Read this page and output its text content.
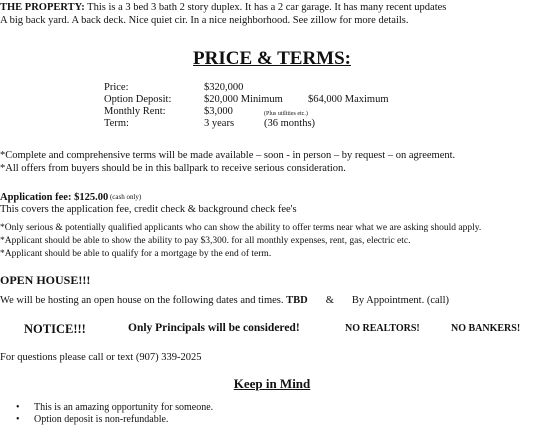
THE PROPERTY: This is a 3 bed 3 bath 2 story duplex. It has a 2 car garage. It has many recent updates
A big back yard. A back deck. Nice quiet cir. In a nice neighborhood. See zillow for more details.
PRICE & TERMS:
Price:	$320,000
Option Deposit:	$20,000 Minimum $64,000 Maximum
Monthly Rent:	$3,000	(Plus utilities etc.)
Term:	3 years	(36 months)
*Complete and comprehensive terms will be made available – soon - in person – by request – on agreement.
*All offers from buyers should be in this ballpark to receive serious consideration.
Application fee: $125.00 (cash only)
This covers the application fee, credit check & background check fee's
*Only serious & potentially qualified applicants who can show the ability to offer terms near what we are asking should apply.
*Applicant should be able to show the ability to pay $3,300. for all monthly expenses, rent, gas, electric etc.
*Applicant should be able to qualify for a mortgage by the end of term.
OPEN HOUSE!!!
We will be hosting an open house on the following dates and times. TBD & By Appointment. (call)
NOTICE!!!	Only Principals will be considered!	NO REALTORS!	NO BANKERS!
For questions please call or text (907) 339-2025
Keep in Mind
• This is an amazing opportunity for someone.
• Option deposit is non-refundable.
